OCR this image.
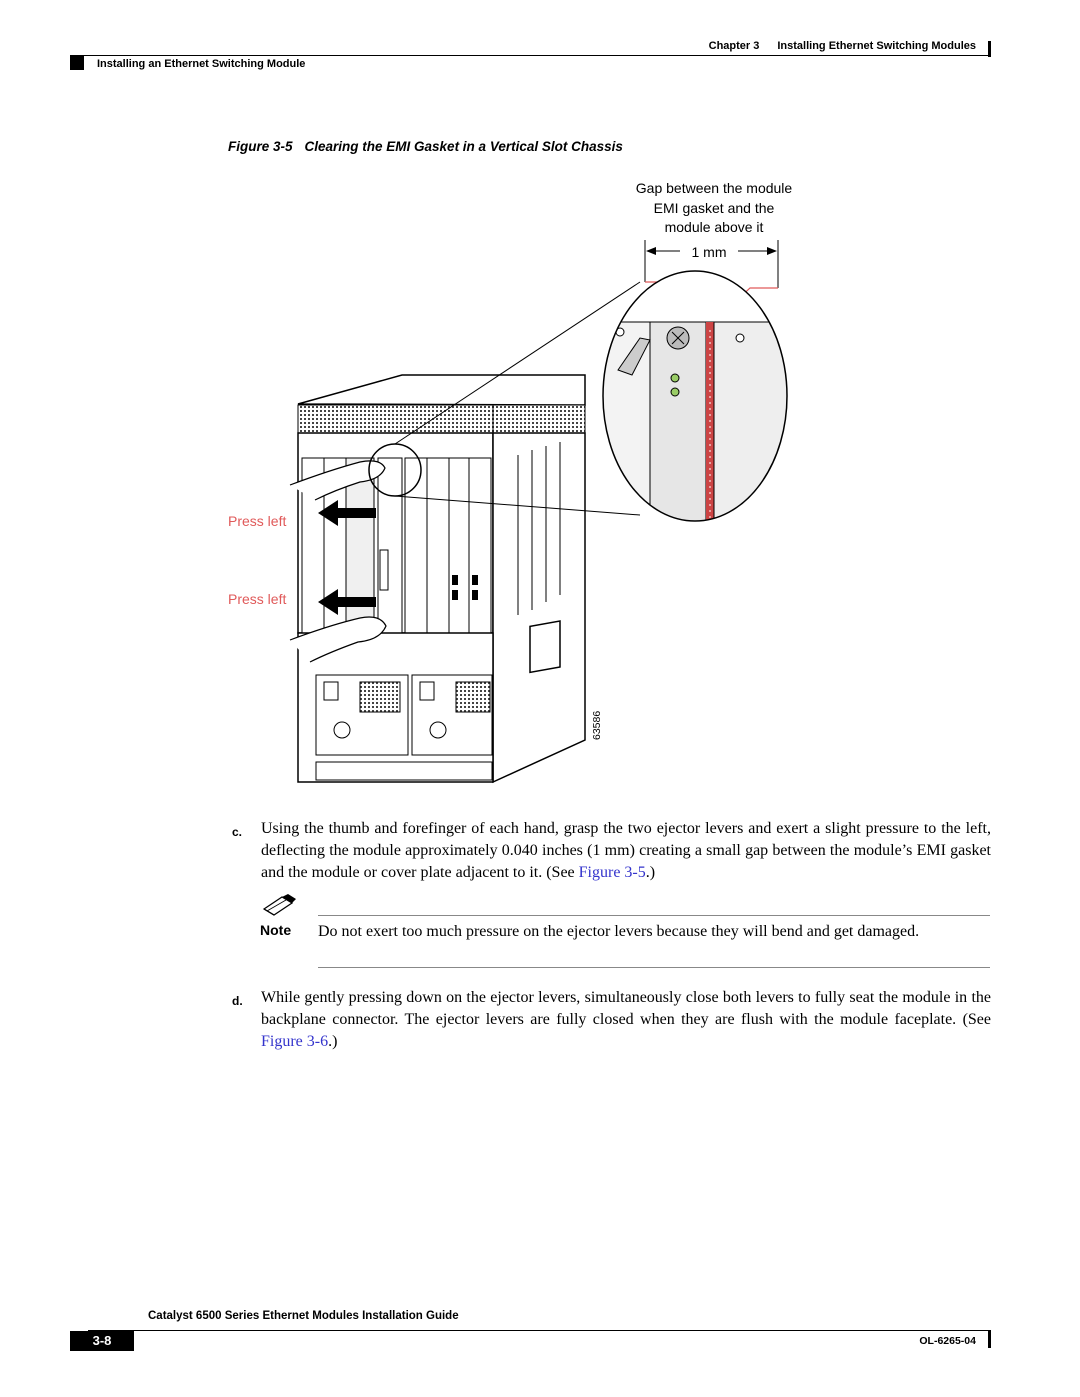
Chapter 3 Installing Ethernet Switching Modules
Installing an Ethernet Switching Module
Figure 3-5 Clearing the EMI Gasket in a Vertical Slot Chassis
Gap between the module
EMI gasket and the
module above it
1 mm
Press left
Press left
63586
c. Using the thumb and forefinger of each hand, grasp the two ejector levers and exert a slight pressure to the left, deflecting the module approximately 0.040 inches (1 mm) creating a small gap between the module’s EMI gasket and the module or cover plate adjacent to it. (See Figure 3-5.)
Note Do not exert too much pressure on the ejector levers because they will bend and get damaged.
d. While gently pressing down on the ejector levers, simultaneously close both levers to fully seat the module in the backplane connector. The ejector levers are fully closed when they are flush with the module faceplate. (See Figure 3-6.)
Catalyst 6500 Series Ethernet Modules Installation Guide
3-8	OL-6265-04
